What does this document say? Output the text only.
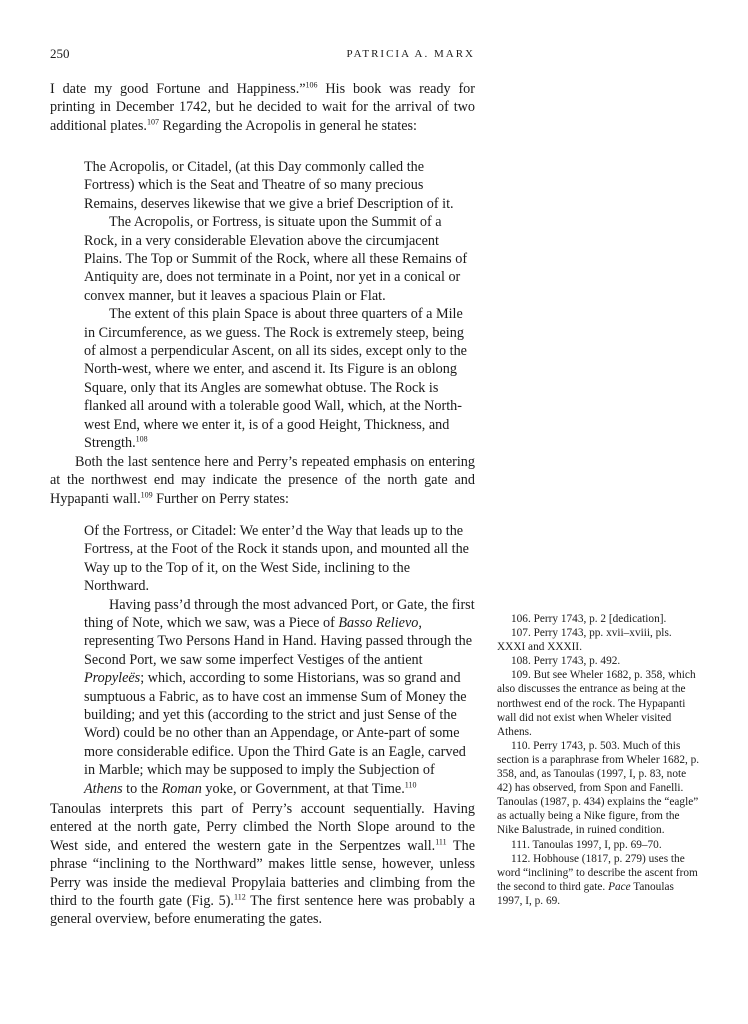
250	PATRICIA A. MARX

I date my good Fortune and Happiness.”$^{106}$ His book was ready for printing in December 1742, but he decided to wait for the arrival of two additional plates.$^{107}$ Regarding the Acropolis in general he states:

The Acropolis, or Citadel, (at this Day commonly called the Fortress) which is the Seat and Theatre of so many precious Remains, deserves likewise that we give a brief Description of it.

The Acropolis, or Fortress, is situate upon the Summit of a Rock, in a very considerable Elevation above the circumjacent Plains. The Top or Summit of the Rock, where all these Remains of Antiquity are, does not terminate in a Point, nor yet in a conical or convex manner, but it leaves a spacious Plain or Flat.

The extent of this plain Space is about three quarters of a Mile in Circumference, as we guess. The Rock is extremely steep, being of almost a perpendicular Ascent, on all its sides, except only to the North-west, where we enter, and ascend it. Its Figure is an oblong Square, only that its Angles are somewhat obtuse. The Rock is flanked all around with a tolerable good Wall, which, at the North-west End, where we enter it, is of a good Height, Thickness, and Strength.$^{108}$

Both the last sentence here and Perry’s repeated emphasis on entering at the northwest end may indicate the presence of the north gate and Hypapanti wall.$^{109}$ Further on Perry states:

Of the Fortress, or Citadel: We enter’d the Way that leads up to the Fortress, at the Foot of the Rock it stands upon, and mounted all the Way up to the Top of it, on the West Side, inclining to the Northward.

Having pass’d through the most advanced Port, or Gate, the first thing of Note, which we saw, was a Piece of Basso Relievo, representing Two Persons Hand in Hand. Having passed through the Second Port, we saw some imperfect Vestiges of the antient Propyleës; which, according to some Historians, was so grand and sumptuous a Fabric, as to have cost an immense Sum of Money the building; and yet this (according to the strict and just Sense of the Word) could be no other than an Appendage, or Ante-part of some more considerable edifice. Upon the Third Gate is an Eagle, carved in Marble; which may be supposed to imply the Subjection of Athens to the Roman yoke, or Government, at that Time.$^{110}$

Tanoulas interprets this part of Perry’s account sequentially. Having entered at the north gate, Perry climbed the North Slope around to the West side, and entered the western gate in the Serpentzes wall.$^{111}$ The phrase “inclining to the Northward” makes little sense, however, unless Perry was inside the medieval Propylaia batteries and climbing from the third to the fourth gate (Fig. 5).$^{112}$ The first sentence here was probably a general overview, before enumerating the gates.

106. Perry 1743, p. 2 [dedication].

107. Perry 1743, pp. xvii–xviii, pls. XXXI and XXXII.

108. Perry 1743, p. 492.

109. But see Wheler 1682, p. 358, which also discusses the entrance as being at the northwest end of the rock. The Hypapanti wall did not exist when Wheler visited Athens.

110. Perry 1743, p. 503. Much of this section is a paraphrase from Wheler 1682, p. 358, and, as Tanoulas (1997, I, p. 83, note 42) has observed, from Spon and Fanelli. Tanoulas (1987, p. 434) explains the “eagle” as actually being a Nike figure, from the Nike Balustrade, in ruined condition.

111. Tanoulas 1997, I, pp. 69–70.

112. Hobhouse (1817, p. 279) uses the word “inclining” to describe the ascent from the second to third gate. Pace Tanoulas 1997, I, p. 69.
